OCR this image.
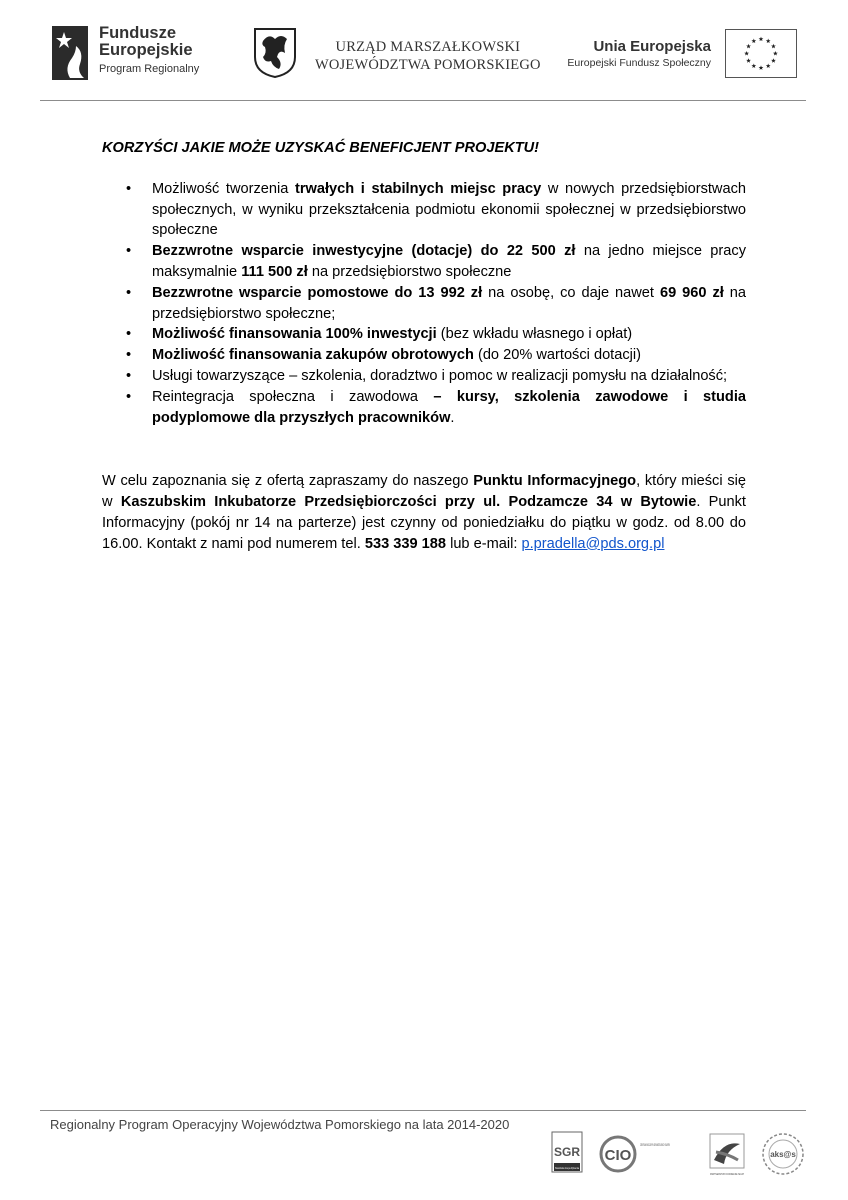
Fundusze
Europejskie
Program Regionalny
URZĄD MARSZAŁKOWSKI
WOJEWÓDZTWA POMORSKIEGO
Unia Europejska
Europejski Fundusz Społeczny
KORZYŚCI JAKIE MOŻE UZYSKAĆ BENEFICJENT PROJEKTU!
• Możliwość tworzenia trwałych i stabilnych miejsc pracy w nowych przedsiębiorstwach społecznych, w wyniku przekształcenia podmiotu ekonomii społecznej w przedsiębiorstwo społeczne
• Bezzwrotne wsparcie inwestycyjne (dotacje) do 22 500 zł na jedno miejsce pracy maksymalnie 111 500 zł na przedsiębiorstwo społeczne
• Bezzwrotne wsparcie pomostowe do 13 992 zł na osobę, co daje nawet 69 960 zł na przedsiębiorstwo społeczne;
• Możliwość finansowania 100% inwestycji (bez wkładu własnego i opłat)
• Możliwość finansowania zakupów obrotowych (do 20% wartości dotacji)
• Usługi towarzyszące – szkolenia, doradztwo i pomoc w realizacji pomysłu na działalność;
• Reintegracja społeczna i zawodowa – kursy, szkolenia zawodowe i studia podyplomowe dla przyszłych pracowników.
W celu zapoznania się z ofertą zapraszamy do naszego Punktu Informacyjnego, który mieści się w Kaszubskim Inkubatorze Przedsiębiorczości przy ul. Podzamcze 34 w Bytowie. Punkt Informacyjny (pokój nr 14 na parterze) jest czynny od poniedziałku do piątku w godz. od 8.00 do 16.00. Kontakt z nami pod numerem tel. 533 339 188 lub e-mail: p.pradella@pds.org.pl
Regionalny Program Operacyjny Województwa Pomorskiego na lata 2014-2020
SGR
Słowińska Grupa Rybacka
CIO
CENTRUM INICJATYW OBYWATELSKICH SŁUPSK
PARTNERSTWO DORZECZE SŁUPI
aks@s
